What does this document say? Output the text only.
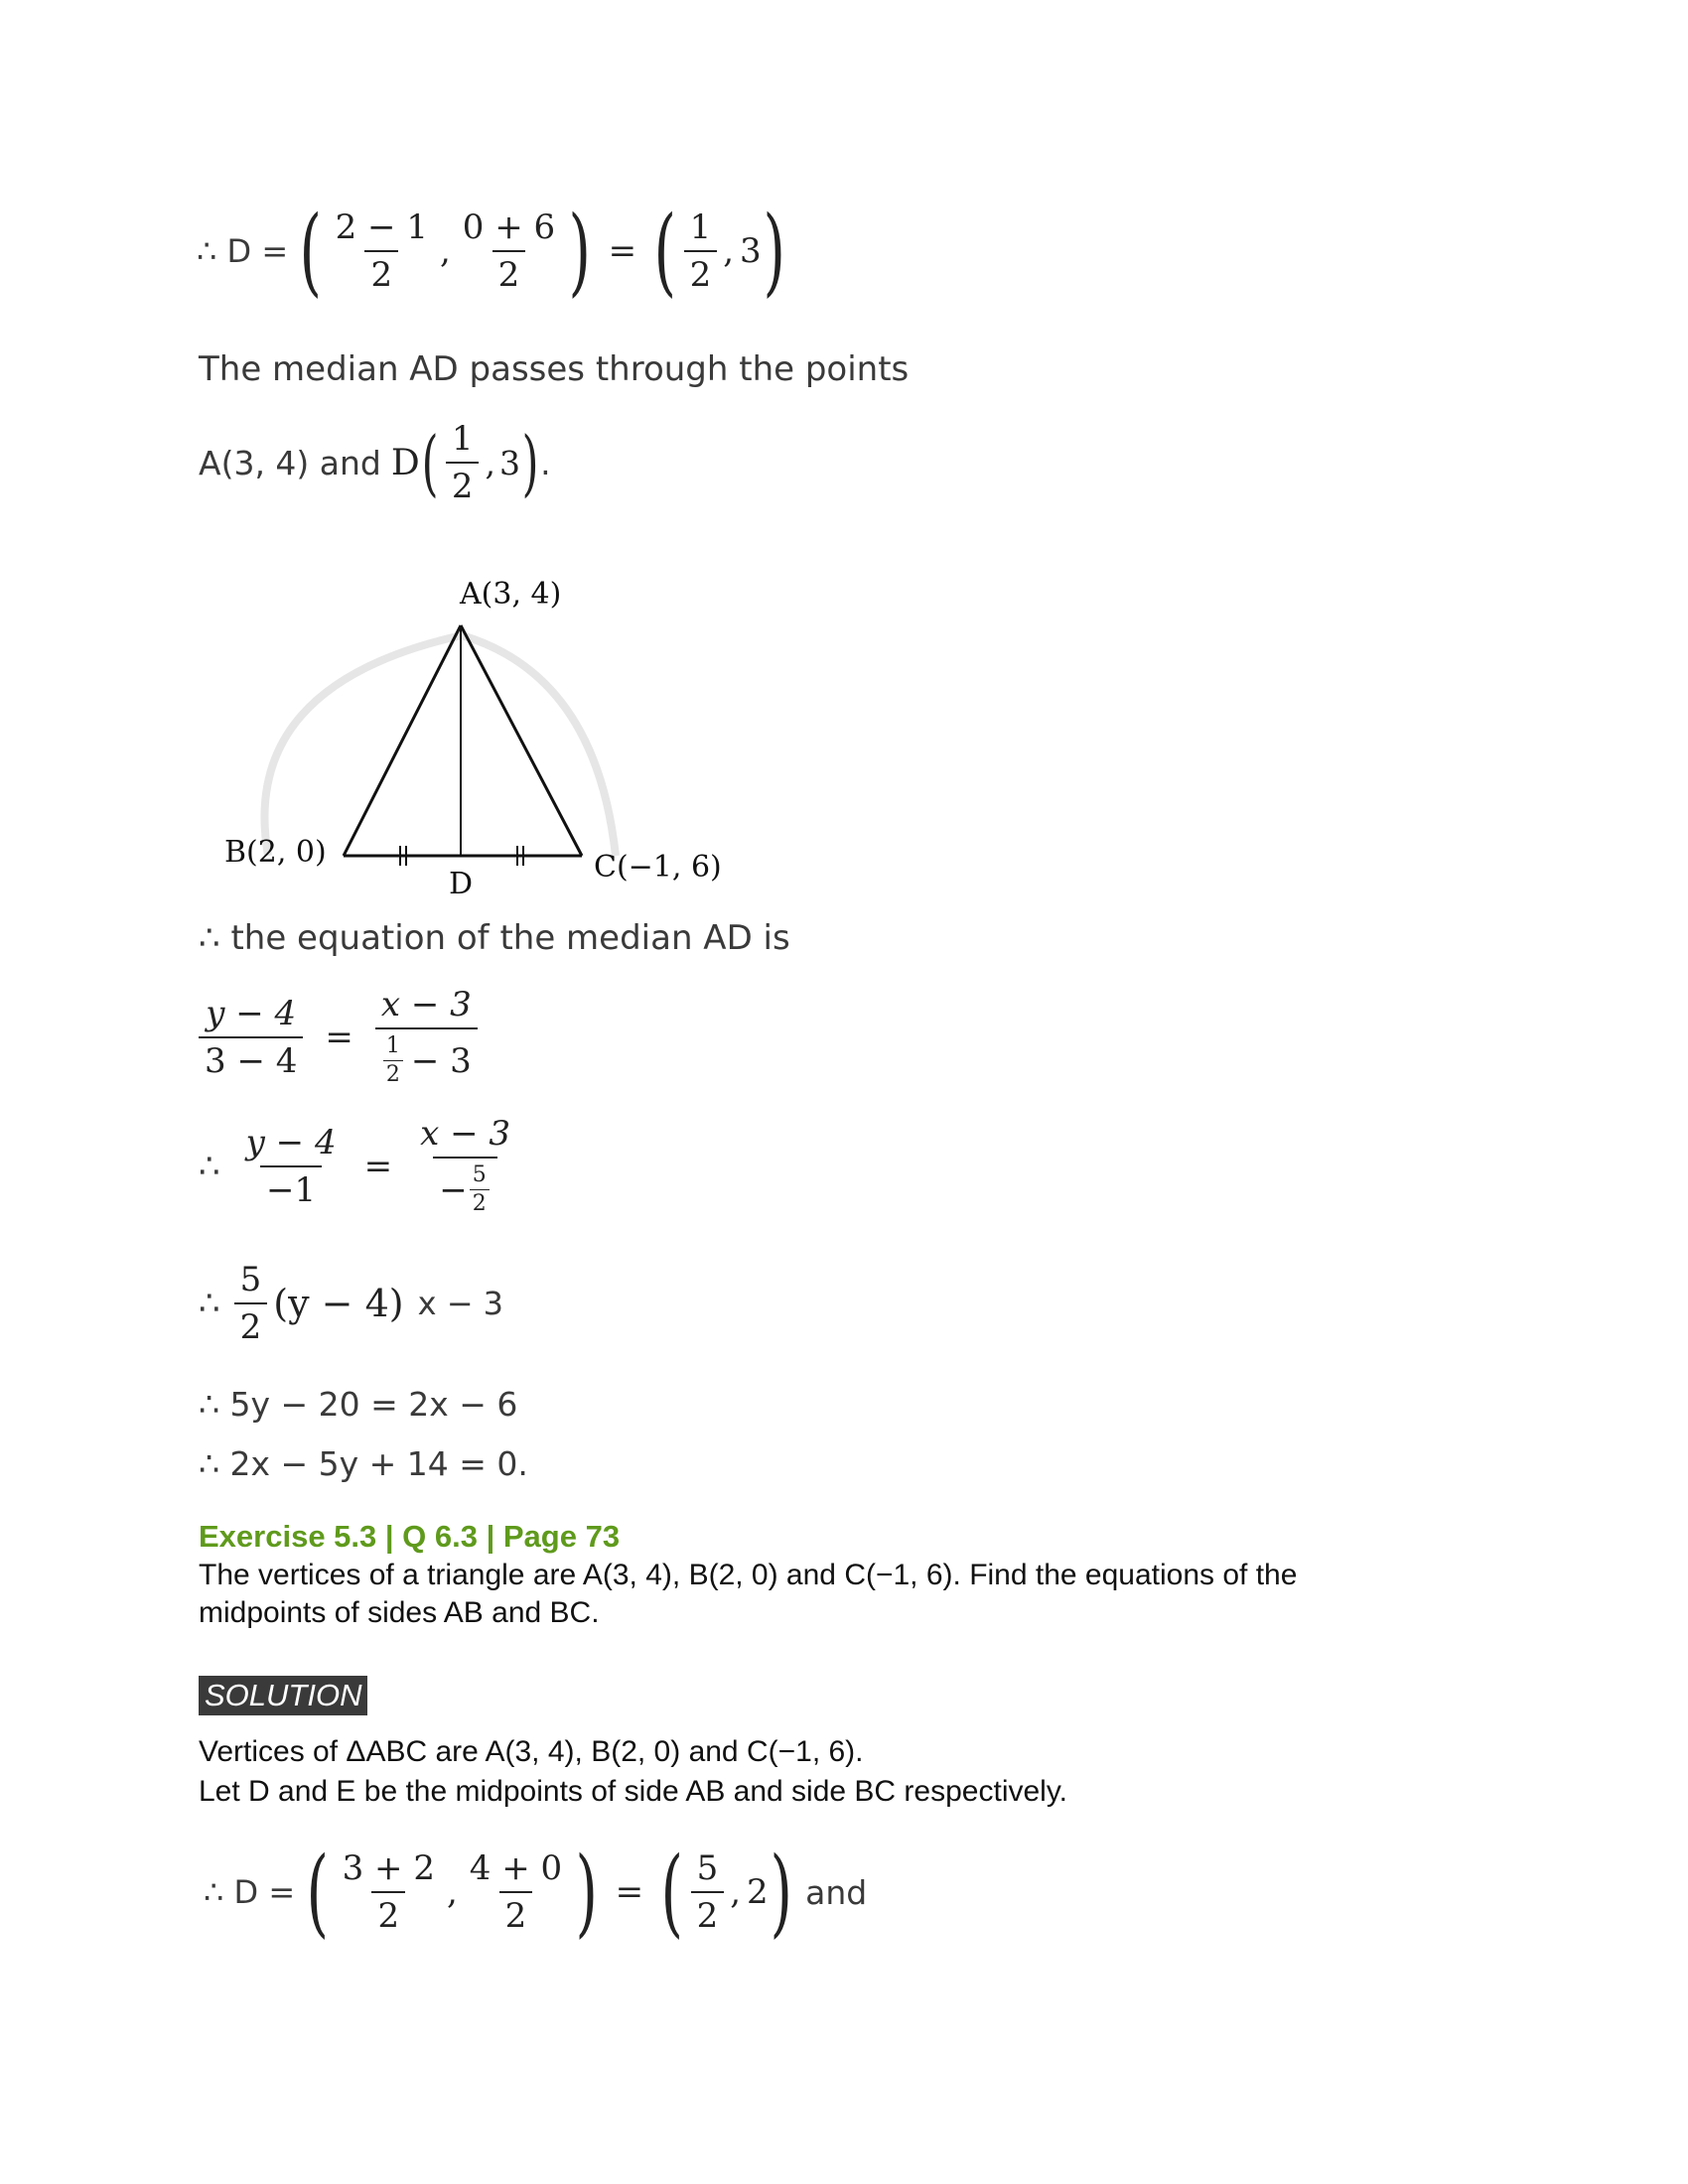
∴ D = ( $\frac{2 - 1}{2}$ , $\frac{0 + 6}{2}$ ) = ( $\frac{1}{2}$ , 3 )
The median AD passes through the points
A(3, 4) and D ( $\frac{1}{2}$ , 3 ) .
A(3, 4)
B(2, 0)	C(−1, 6)
D
∴ the equation of the median AD is
$\frac{y - 4}{3 - 4} = \frac{x - 3}{\frac{1}{2} - 3}$
∴ $\frac{y - 4}{-1} = \frac{x - 3}{- \frac{5}{2}}$
∴ $\frac{5}{2} (y - 4) x - 3$
∴ 5y − 20 = 2x − 6
∴ 2x − 5y + 14 = 0.
Exercise 5.3 | Q 6.3 | Page 73
The vertices of a triangle are A(3, 4), B(2, 0) and C(−1, 6). Find the equations of the
midpoints of sides AB and BC.
SOLUTION
Vertices of ΔABC are A(3, 4), B(2, 0) and C(−1, 6).
Let D and E be the midpoints of side AB and side BC respectively.
∴ D = ( $\frac{3 + 2}{2}$ , $\frac{4 + 0}{2}$ ) = ( $\frac{5}{2}$ , 2 ) and
